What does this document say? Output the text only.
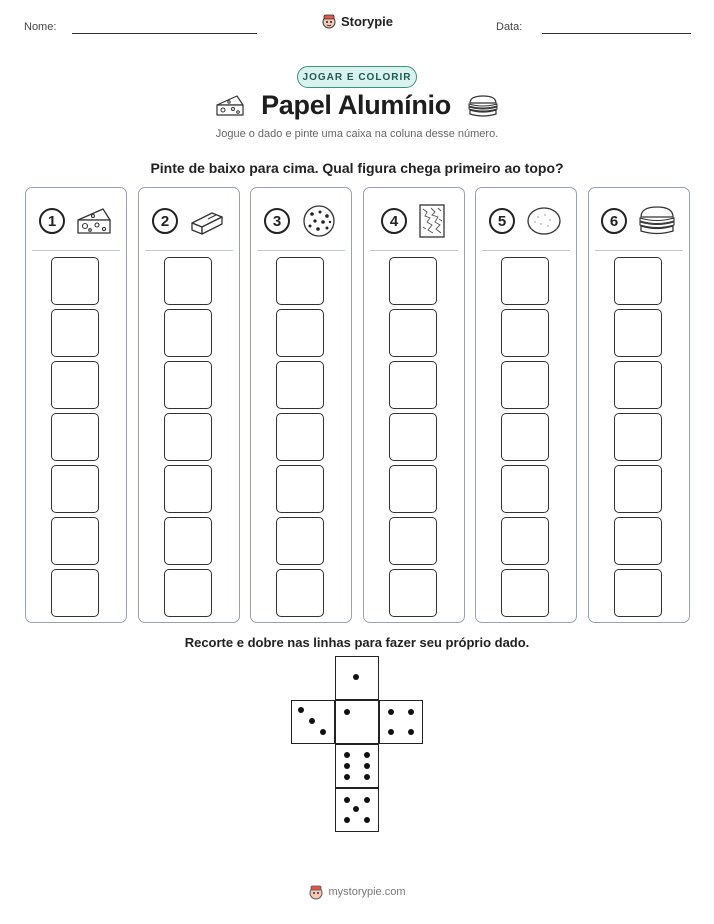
Nome:	Data:
Storypie
JOGAR E COLORIR
Papel Alumínio
Jogue o dado e pinte uma caixa na coluna desse número.
Pinte de baixo para cima. Qual figura chega primeiro ao topo?
1	2	3	4	5	6
Recorte e dobre nas linhas para fazer seu próprio dado.
mystorypie.com
